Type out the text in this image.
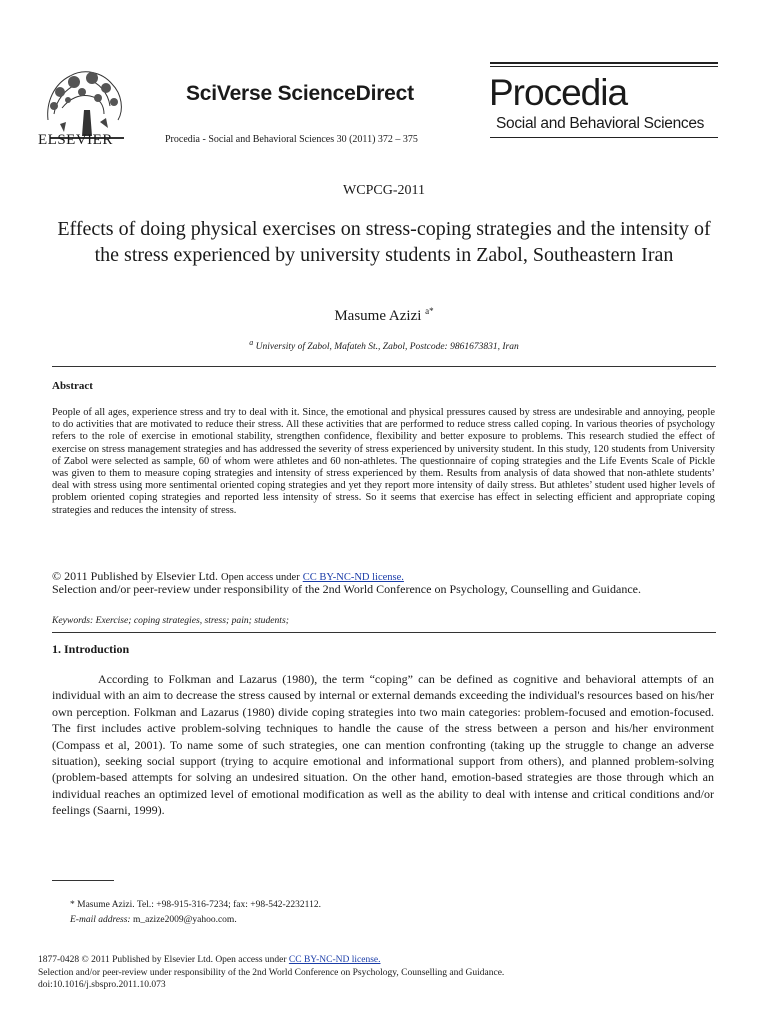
ELSEVIER
SciVerse ScienceDirect
Procedia - Social and Behavioral Sciences 30 (2011) 372 – 375
Procedia
Social and Behavioral Sciences
WCPCG-2011
Effects of doing physical exercises on stress-coping strategies and the intensity of the stress experienced by university students in Zabol, Southeastern Iran
Masume Azizi $^{a*}$
$^a$ University of Zabol, Mafateh St., Zabol, Postcode: 9861673831, Iran
Abstract
People of all ages, experience stress and try to deal with it. Since, the emotional and physical pressures caused by stress are undesirable and annoying, people to do activities that are motivated to reduce their stress. All these activities that are performed to reduce stress called coping. In various theories of psychology refers to the role of exercise in emotional stability, strengthen confidence, flexibility and better exposure to problems. This research studied the effect of exercise on stress management strategies and has addressed the severity of stress experienced by university student. In this study, 120 students from University of Zabol were selected as sample, 60 of whom were athletes and 60 non-athletes. The questionnaire of coping strategies and the Life Events Scale of Pickle was given to them to measure coping strategies and intensity of stress experienced by them. Results from analysis of data showed that non-athlete students’ deal with stress using more sentimental oriented coping strategies and yet they report more intensity of daily stress. But athletes’ student used higher levels of problem oriented coping strategies and reported less intensity of stress. So it seems that exercise has effect in selecting efficient and appropriate coping strategies and reduces the intensity of stress.
© 2011 Published by Elsevier Ltd. Open access under CC BY-NC-ND license.
Selection and/or peer-review under responsibility of the 2nd World Conference on Psychology, Counselling and Guidance.
Keywords: Exercise; coping strategies, stress; pain; students;
1. Introduction
According to Folkman and Lazarus (1980), the term “coping” can be defined as cognitive and behavioral attempts of an individual with an aim to decrease the stress caused by internal or external demands exceeding the individual's resources based on his/her own perception. Folkman and Lazarus (1980) divide coping strategies into two main categories: problem-focused and emotion-focused. The first includes active problem-solving techniques to handle the cause of the stress between a person and his/her environment (Compass et al, 2001). To name some of such strategies, one can mention confronting (taking up the struggle to change an adverse situation), seeking social support (trying to acquire emotional and informational support from others), and planned problem-solving (problem-based attempts for solving an undesired situation. On the other hand, emotion-based strategies are those through which an individual reaches an optimized level of emotional modification as well as the ability to deal with intense and critical conditions and/or feelings (Saarni, 1999).
* Masume Azizi. Tel.: +98-915-316-7234; fax: +98-542-2232112.
E-mail address: m_azize2009@yahoo.com.
1877-0428 © 2011 Published by Elsevier Ltd. Open access under CC BY-NC-ND license.
Selection and/or peer-review under responsibility of the 2nd World Conference on Psychology, Counselling and Guidance.
doi:10.1016/j.sbspro.2011.10.073
